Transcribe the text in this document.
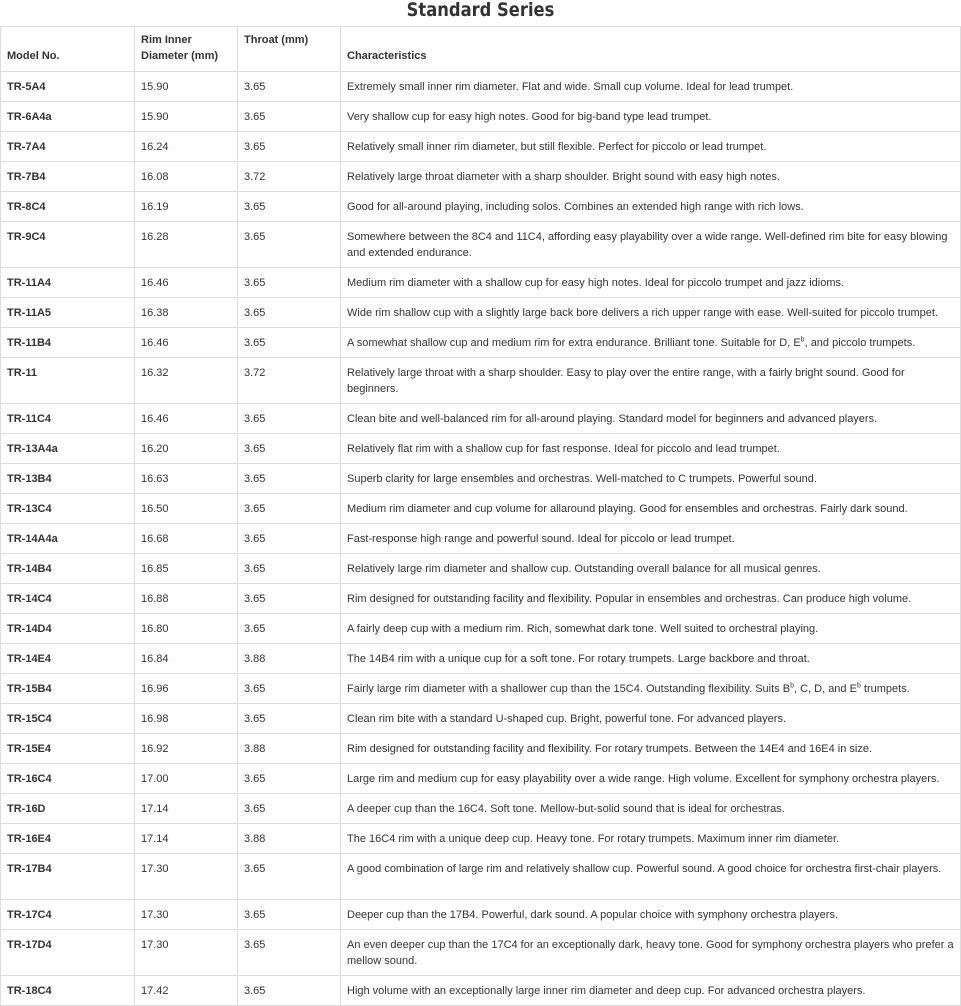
Standard Series
Model No.	Rim Inner Diameter (mm)	Throat (mm)	Characteristics

TR-5A4	15.90	3.65	Extremely small inner rim diameter. Flat and wide. Small cup volume. Ideal for lead trumpet.
TR-6A4a	15.90	3.65	Very shallow cup for easy high notes. Good for big-band type lead trumpet.
TR-7A4	16.24	3.65	Relatively small inner rim diameter, but still flexible. Perfect for piccolo or lead trumpet.
TR-7B4	16.08	3.72	Relatively large throat diameter with a sharp shoulder. Bright sound with easy high notes.
TR-8C4	16.19	3.65	Good for all-around playing, including solos. Combines an extended high range with rich lows.
TR-9C4	16.28	3.65	Somewhere between the 8C4 and 11C4, affording easy playability over a wide range. Well-defined rim bite for easy blowing and extended endurance.
TR-11A4	16.46	3.65	Medium rim diameter with a shallow cup for easy high notes. Ideal for piccolo trumpet and jazz idioms.
TR-11A5	16.38	3.65	Wide rim shallow cup with a slightly large back bore delivers a rich upper range with ease. Well-suited for piccolo trumpet.
TR-11B4	16.46	3.65	A somewhat shallow cup and medium rim for extra endurance. Brilliant tone. Suitable for D, $E^b$, and piccolo trumpets.
TR-11	16.32	3.72	Relatively large throat with a sharp shoulder. Easy to play over the entire range, with a fairly bright sound. Good for beginners.
TR-11C4	16.46	3.65	Clean bite and well-balanced rim for all-around playing. Standard model for beginners and advanced players.
TR-13A4a	16.20	3.65	Relatively flat rim with a shallow cup for fast response. Ideal for piccolo and lead trumpet.
TR-13B4	16.63	3.65	Superb clarity for large ensembles and orchestras. Well-matched to C trumpets. Powerful sound.
TR-13C4	16.50	3.65	Medium rim diameter and cup volume for allaround playing. Good for ensembles and orchestras. Fairly dark sound.
TR-14A4a	16.68	3.65	Fast-response high range and powerful sound. Ideal for piccolo or lead trumpet.
TR-14B4	16.85	3.65	Relatively large rim diameter and shallow cup. Outstanding overall balance for all musical genres.
TR-14C4	16.88	3.65	Rim designed for outstanding facility and flexibility. Popular in ensembles and orchestras. Can produce high volume.
TR-14D4	16.80	3.65	A fairly deep cup with a medium rim. Rich, somewhat dark tone. Well suited to orchestral playing.
TR-14E4	16.84	3.88	The 14B4 rim with a unique cup for a soft tone. For rotary trumpets. Large backbore and throat.
TR-15B4	16.96	3.65	Fairly large rim diameter with a shallower cup than the 15C4. Outstanding flexibility. Suits $B^b$, C, D, and $E^b$ trumpets.
TR-15C4	16.98	3.65	Clean rim bite with a standard U-shaped cup. Bright, powerful tone. For advanced players.
TR-15E4	16.92	3.88	Rim designed for outstanding facility and flexibility. For rotary trumpets. Between the 14E4 and 16E4 in size.
TR-16C4	17.00	3.65	Large rim and medium cup for easy playability over a wide range. High volume. Excellent for symphony orchestra players.
TR-16D	17.14	3.65	A deeper cup than the 16C4. Soft tone. Mellow-but-solid sound that is ideal for orchestras.
TR-16E4	17.14	3.88	The 16C4 rim with a unique deep cup. Heavy tone. For rotary trumpets. Maximum inner rim diameter.
TR-17B4	17.30	3.65	A good combination of large rim and relatively shallow cup. Powerful sound. A good choice for orchestra first-chair players.
TR-17C4	17.30	3.65	Deeper cup than the 17B4. Powerful, dark sound. A popular choice with symphony orchestra players.
TR-17D4	17.30	3.65	An even deeper cup than the 17C4 for an exceptionally dark, heavy tone. Good for symphony orchestra players who prefer a mellow sound.
TR-18C4	17.42	3.65	High volume with an exceptionally large inner rim diameter and deep cup. For advanced orchestra players.
